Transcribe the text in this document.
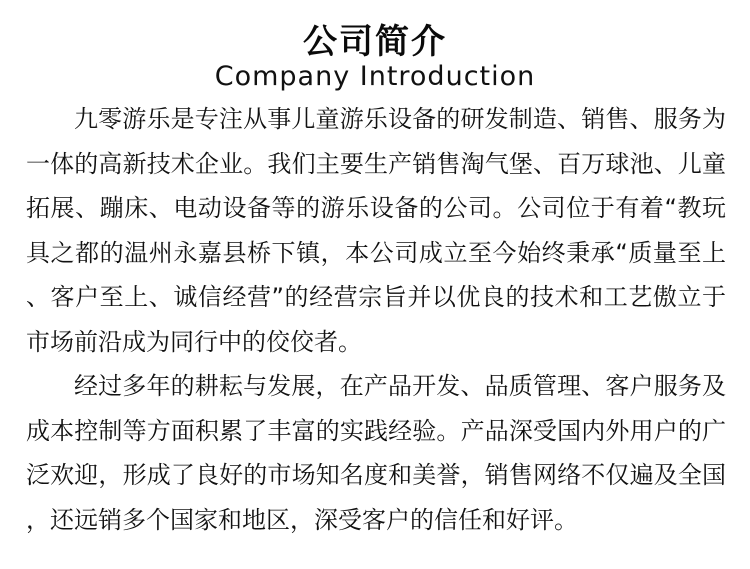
公司简介
Company Introduction
九零游乐是专注从事儿童游乐设备的研发制造、销售、服务为
一体的高新技术企业。我们主要生产销售淘气堡、百万球池、儿童
拓展、蹦床、电动设备等的游乐设备的公司。公司位于有着“教玩
具之都的温州永嘉县桥下镇，本公司成立至今始终秉承“质量至上
、客户至上、诚信经营”的经营宗旨并以优良的技术和工艺傲立于
市场前沿成为同行中的佼佼者。
经过多年的耕耘与发展，在产品开发、品质管理、客户服务及
成本控制等方面积累了丰富的实践经验。产品深受国内外用户的广
泛欢迎，形成了良好的市场知名度和美誉，销售网络不仅遍及全国
，还远销多个国家和地区，深受客户的信任和好评。
